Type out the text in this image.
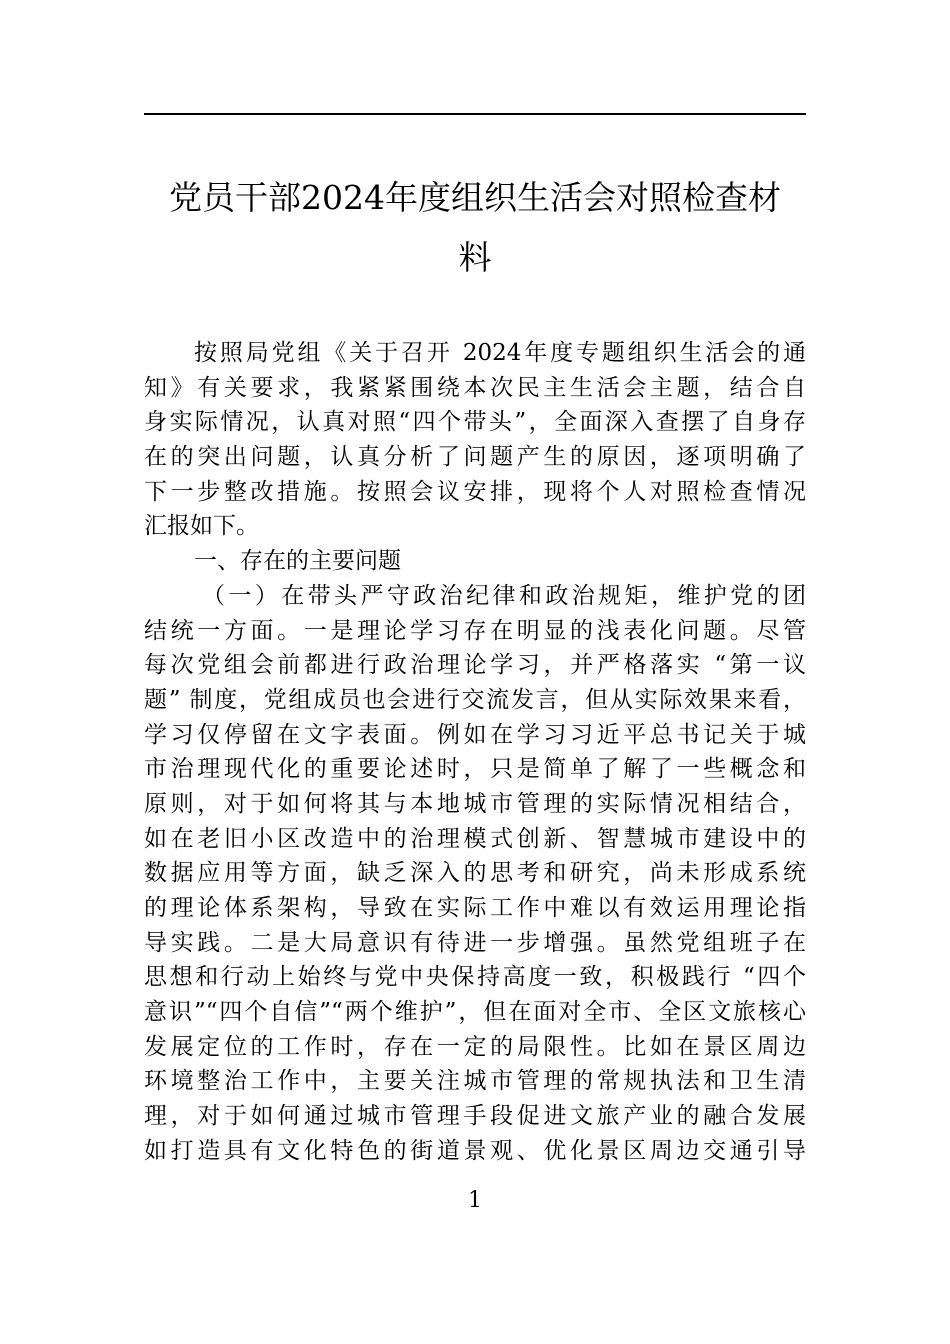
党员干部2024年度组织生活会对照检查材
料
按照局党组《关于召开 2024年度专题组织生活会的通
知》有关要求，我紧紧围绕本次民主生活会主题，结合自
身实际情况，认真对照“四个带头”，全面深入查摆了自身存
在的突出问题，认真分析了问题产生的原因，逐项明确了
下一步整改措施。按照会议安排，现将个人对照检查情况
汇报如下。
一、存在的主要问题
（一）在带头严守政治纪律和政治规矩，维护党的团
结统一方面。一是理论学习存在明显的浅表化问题。尽管
每次党组会前都进行政治理论学习，并严格落实 “第一议
题” 制度，党组成员也会进行交流发言，但从实际效果来看，
学习仅停留在文字表面。例如在学习习近平总书记关于城
市治理现代化的重要论述时，只是简单了解了一些概念和
原则，对于如何将其与本地城市管理的实际情况相结合，
如在老旧小区改造中的治理模式创新、智慧城市建设中的
数据应用等方面，缺乏深入的思考和研究，尚未形成系统
的理论体系架构，导致在实际工作中难以有效运用理论指
导实践。二是大局意识有待进一步增强。虽然党组班子在
思想和行动上始终与党中央保持高度一致，积极践行 “四个
意识”“四个自信”“两个维护”，但在面对全市、全区文旅核心
发展定位的工作时，存在一定的局限性。比如在景区周边
环境整治工作中，主要关注城市管理的常规执法和卫生清
理，对于如何通过城市管理手段促进文旅产业的融合发展
如打造具有文化特色的街道景观、优化景区周边交通引导
1
